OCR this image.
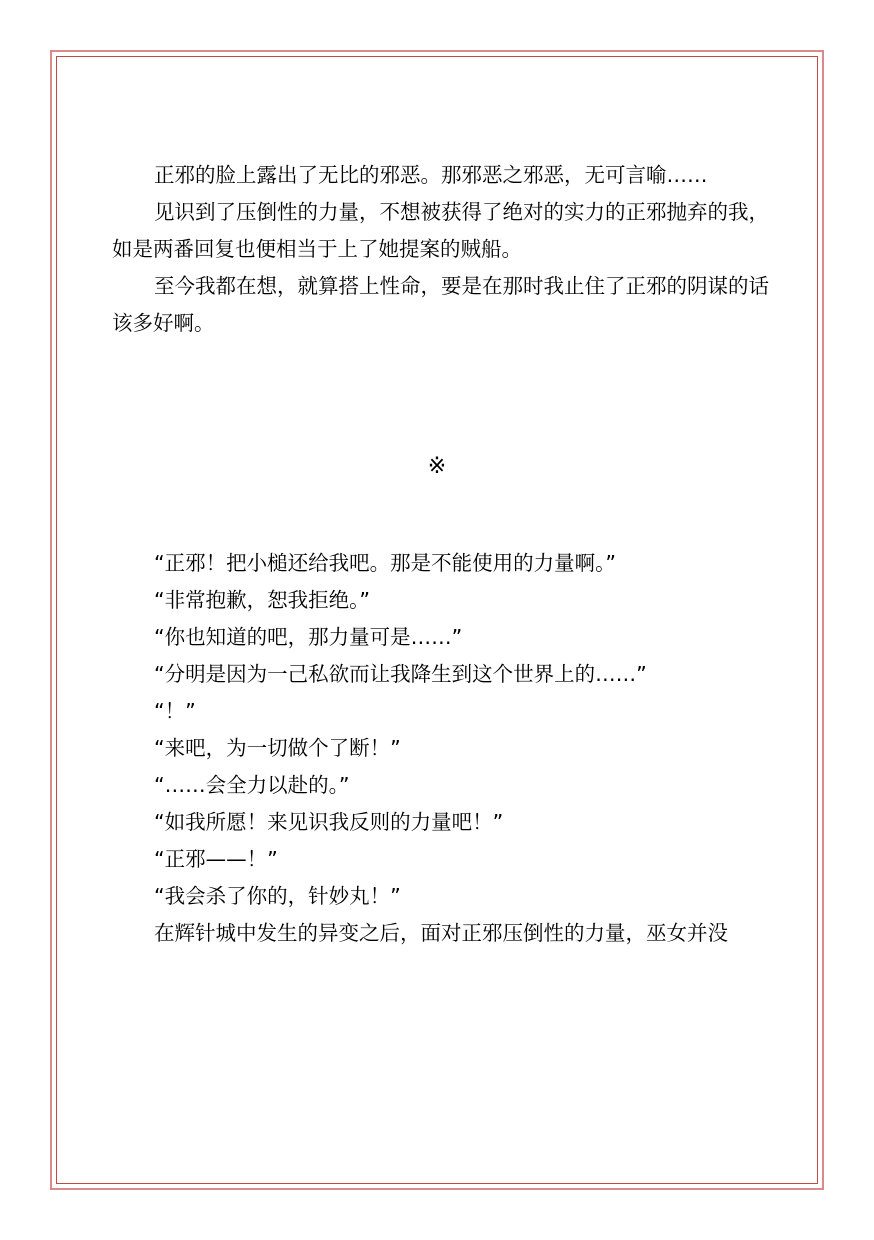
正邪的脸上露出了无比的邪恶。那邪恶之邪恶，无可言喻……

见识到了压倒性的力量，不想被获得了绝对的实力的正邪抛弃的我，如是两番回复也便相当于上了她提案的贼船。

至今我都在想，就算搭上性命，要是在那时我止住了正邪的阴谋的话该多好啊。

※

“正邪！把小槌还给我吧。那是不能使用的力量啊。”

“非常抱歉，恕我拒绝。”

“你也知道的吧，那力量可是……”

“分明是因为一己私欲而让我降生到这个世界上的……”

“！”

“来吧，为一切做个了断！”

“……会全力以赴的。”

“如我所愿！来见识我反则的力量吧！”

“正邪——！”

“我会杀了你的，针妙丸！”

在辉针城中发生的异变之后，面对正邪压倒性的力量，巫女并没
